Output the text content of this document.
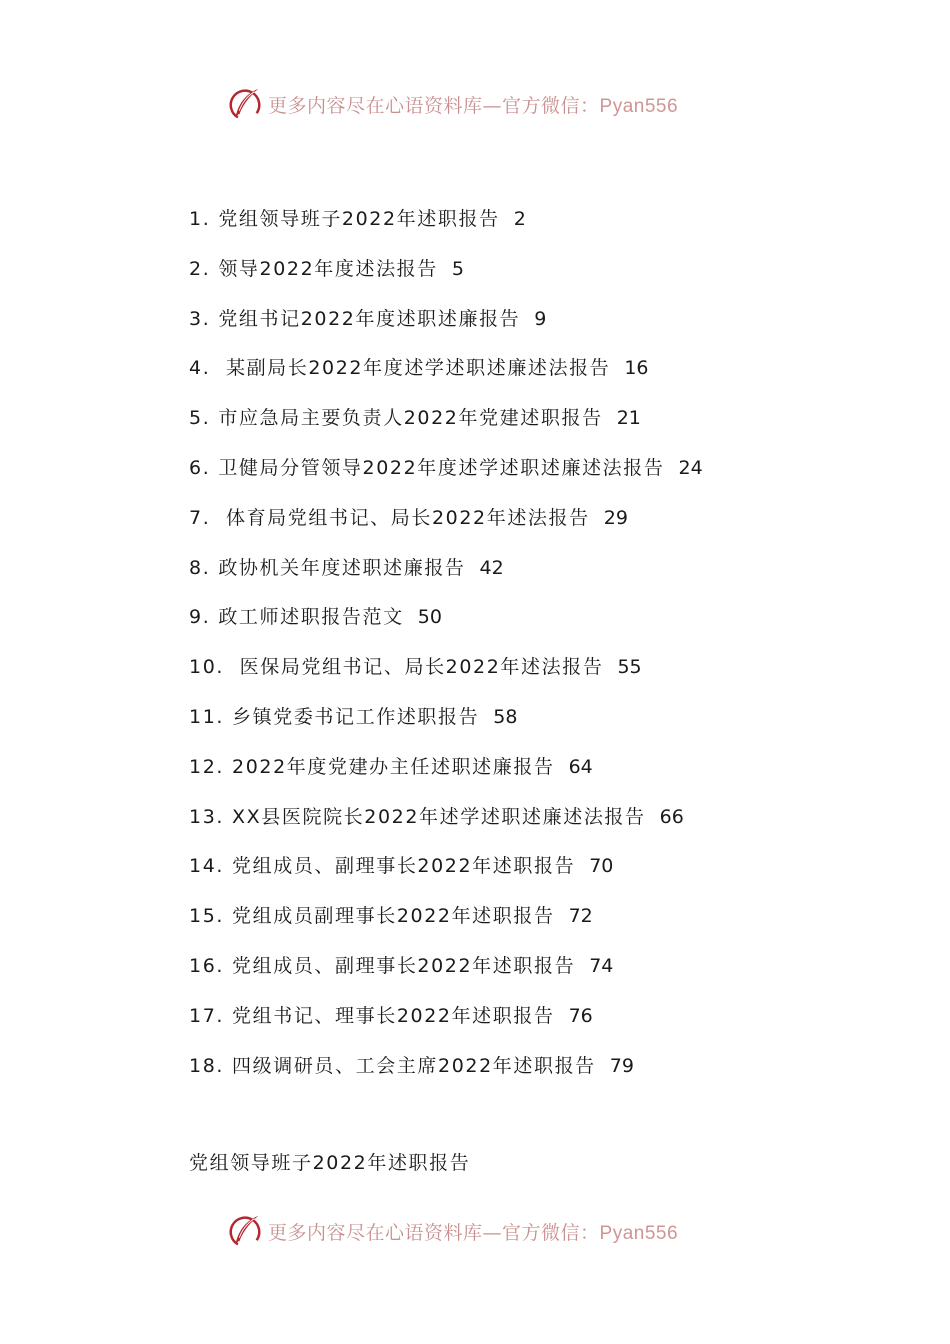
更多内容尽在心语资料库—官方微信：Pyan556
1. 党组领导班子2022年述职报告 2
2. 领导2022年度述法报告 5
3. 党组书记2022年度述职述廉报告 9
4. 某副局长2022年度述学述职述廉述法报告 16
5. 市应急局主要负责人2022年党建述职报告 21
6. 卫健局分管领导2022年度述学述职述廉述法报告 24
7. 体育局党组书记、局长2022年述法报告 29
8. 政协机关年度述职述廉报告 42
9. 政工师述职报告范文 50
10. 医保局党组书记、局长2022年述法报告 55
11. 乡镇党委书记工作述职报告 58
12. 2022年度党建办主任述职述廉报告 64
13. XX县医院院长2022年述学述职述廉述法报告 66
14. 党组成员、副理事长2022年述职报告 70
15. 党组成员副理事长2022年述职报告 72
16. 党组成员、副理事长2022年述职报告 74
17. 党组书记、理事长2022年述职报告 76
18. 四级调研员、工会主席2022年述职报告 79
党组领导班子2022年述职报告
更多内容尽在心语资料库—官方微信：Pyan556
